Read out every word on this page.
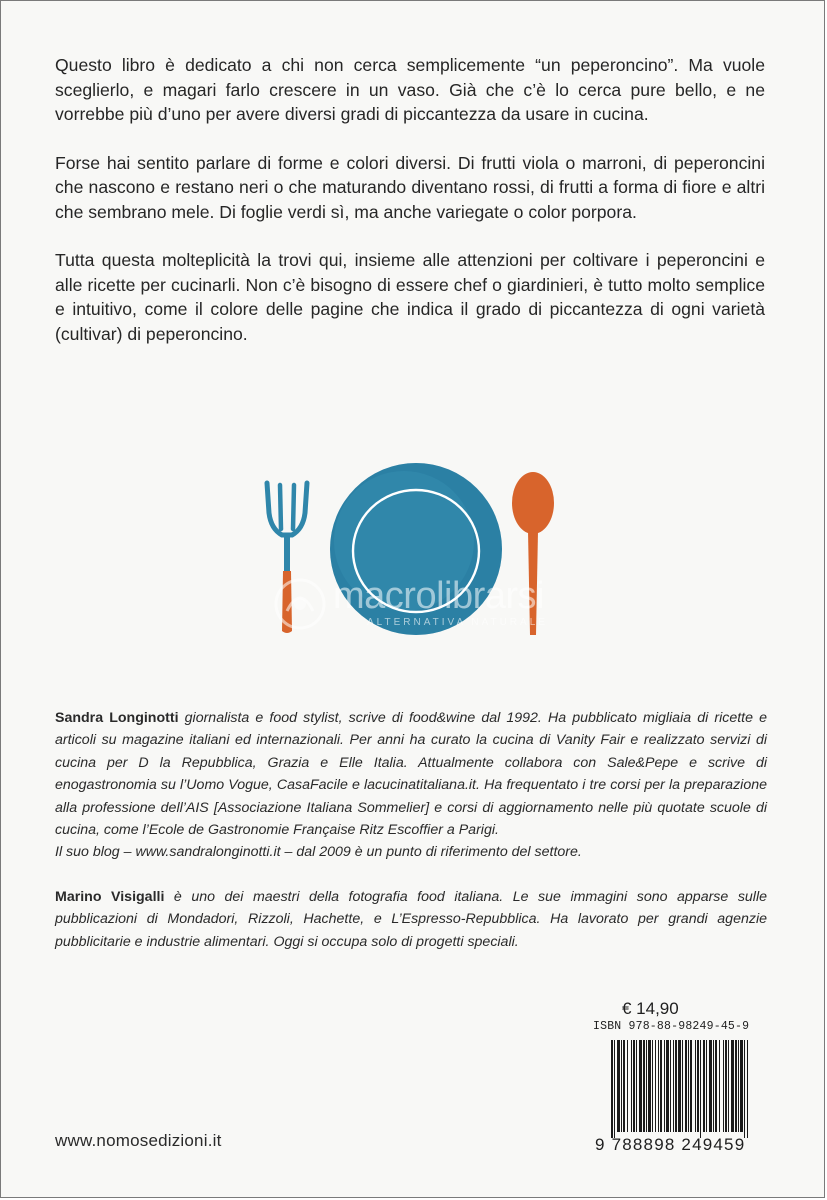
Questo libro è dedicato a chi non cerca semplicemente “un peperoncino”. Ma vuole sceglierlo, e magari farlo crescere in un vaso. Già che c’è lo cerca pure bello, e ne vorrebbe più d’uno per avere diversi gradi di piccantezza da usare in cucina.

Forse hai sentito parlare di forme e colori diversi. Di frutti viola o marroni, di peperoncini che nascono e restano neri o che maturando diventano rossi, di frutti a forma di fiore e altri che sembrano mele. Di foglie verdi sì, ma anche variegate o color porpora.

Tutta questa molteplicità la trovi qui, insieme alle attenzioni per coltivare i peperoncini e alle ricette per cucinarli. Non c’è bisogno di essere chef o giardinieri, è tutto molto semplice e intuitivo, come il colore delle pagine che indica il grado di piccantezza di ogni varietà (cultivar) di peperoncino.

macrolibrarsi
ALTERNATIVA NATURALE

Sandra Longinotti giornalista e food stylist, scrive di food&wine dal 1992. Ha pubblicato migliaia di ricette e articoli su magazine italiani ed internazionali. Per anni ha curato la cucina di Vanity Fair e realizzato servizi di cucina per D la Repubblica, Grazia e Elle Italia. Attualmente collabora con Sale&Pepe e scrive di enogastronomia su l’Uomo Vogue, CasaFacile e lacucinatitaliana.it. Ha frequentato i tre corsi per la preparazione alla professione dell’AIS [Associazione Italiana Sommelier] e corsi di aggiornamento nelle più quotate scuole di cucina, come l’Ecole de Gastronomie Française Ritz Escoffier a Parigi.
Il suo blog – www.sandralonginotti.it – dal 2009 è un punto di riferimento del settore.

Marino Visigalli è uno dei maestri della fotografia food italiana. Le sue immagini sono apparse sulle pubblicazioni di Mondadori, Rizzoli, Hachette, e L’Espresso-Repubblica. Ha lavorato per grandi agenzie pubblicitarie e industrie alimentari. Oggi si occupa solo di progetti speciali.

€ 14,90
ISBN 978-88-98249-45-9
9 788898 249459
www.nomosedizioni.it
